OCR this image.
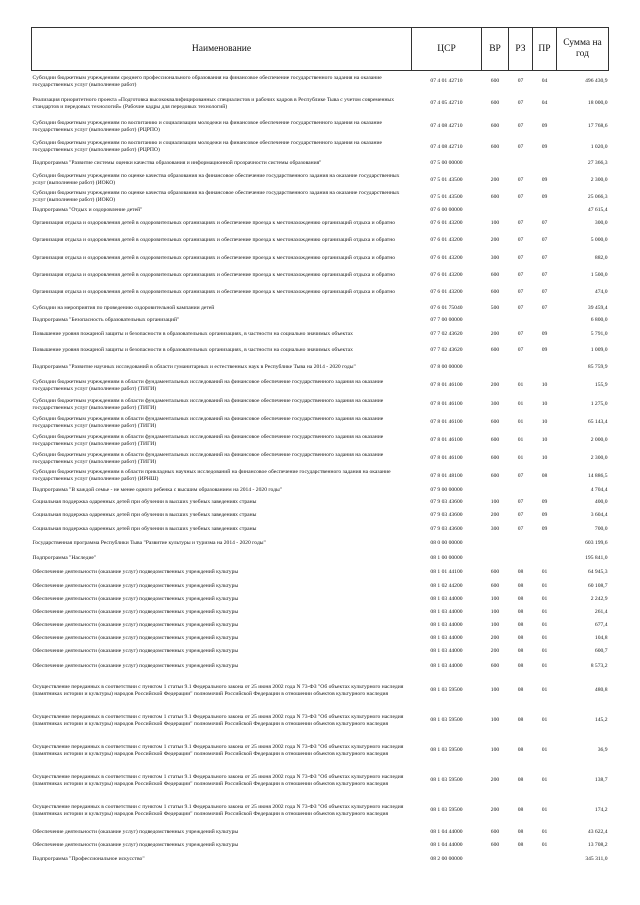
Наименование	ЦСР	ВР	РЗ	ПР	Сумма на год
Субсидии бюджетным учреждениям среднего профессионального образования на финансовое обеспечение государственного задания на оказание государственных услуг (выполнение работ)	07 4 01 42710	600	07	04	496 430,9
Реализация приоритетного проекта «Подготовка высококвалифицированных специалистов и рабочих кадров в Республике Тыва с учетом современных стандартов и передовых технологий» (Рабочие кадры для передовых технологий)	07 4 05 42710	600	07	04	18 000,0
Субсидии бюджетным учреждениям по воспитанию и социализации молодежи на финансовое обеспечение государственного задания на оказание государственных услуг (выполнение работ) (РЦРПО)	07 4 08 42710	600	07	09	17 768,6
Субсидии бюджетным учреждениям по воспитанию и социализации молодежи на финансовое обеспечение государственного задания на оказание государственных услуг (выполнение работ) (РЦРПО)	07 4 08 42710	600	07	09	1 020,0
Подпрограмма "Развитие системы оценки качества образования и информационной прозрачности системы образования"	07 5 00 00000				27 366,3
Субсидии бюджетным учреждениям по оценке качества образования на финансовое обеспечение государственного задания на оказание государственных услуг (выполнение работ) (ИОКО)	07 5 01 43500	200	07	09	2 300,0
Субсидии бюджетным учреждениям по оценке качества образования на финансовое обеспечение государственного задания на оказание государственных услуг (выполнение работ) (ИОКО)	07 5 01 43500	600	07	09	25 066,3
Подпрограмма "Отдых и оздоровление детей"	07 6 00 00000				47 615,4
Организация отдыха и оздоровления детей в оздоровительных организациях и обеспечение проезда к местонахождению организаций отдыха и обратно	07 6 01 43200	100	07	07	300,0
Организация отдыха и оздоровления детей в оздоровительных организациях и обеспечение проезда к местонахождению организаций отдыха и обратно	07 6 01 43200	200	07	07	5 000,0
Организация отдыха и оздоровления детей в оздоровительных организациях и обеспечение проезда к местонахождению организаций отдыха и обратно	07 6 01 43200	300	07	07	882,0
Организация отдыха и оздоровления детей в оздоровительных организациях и обеспечение проезда к местонахождению организаций отдыха и обратно	07 6 01 43200	600	07	07	1 500,0
Организация отдыха и оздоровления детей в оздоровительных организациях и обеспечение проезда к местонахождению организаций отдыха и обратно	07 6 01 43200	600	07	07	474,0
Субсидии на мероприятия по проведению оздоровительной кампании детей	07 6 01 75040	500	07	07	39 459,4
Подпрограмма "Безопасность образовательных организаций"	07 7 00 00000				6 800,0
Повышение уровня пожарной защиты и безопасности в образовательных организациях, в частности на социально значимых объектах	07 7 02 43620	200	07	09	5 791,0
Повышение уровня пожарной защиты и безопасности в образовательных организациях, в частности на социально значимых объектах	07 7 02 43620	600	07	09	1 009,0
Подпрограмма "Развитие научных исследований в области гуманитарных и естественных наук в Республике Тыва на 2014 - 2020 годы"	07 8 00 00000				85 759,9
Субсидии бюджетным учреждениям в области фундаментальных исследований на финансовое обеспечение государственного задания на оказание государственных услуг (выполнение работ) (ТИГИ)	07 8 01 46100	200	01	10	155,9
Субсидии бюджетным учреждениям в области фундаментальных исследований на финансовое обеспечение государственного задания на оказание государственных услуг (выполнение работ) (ТИГИ)	07 8 01 46100	300	01	10	1 275,0
Субсидии бюджетным учреждениям в области фундаментальных исследований на финансовое обеспечение государственного задания на оказание государственных услуг (выполнение работ) (ТИГИ)	07 8 01 46100	600	01	10	65 143,4
Субсидии бюджетным учреждениям в области фундаментальных исследований на финансовое обеспечение государственного задания на оказание государственных услуг (выполнение работ) (ТИГИ)	07 8 01 46100	600	01	10	2 000,0
Субсидии бюджетным учреждениям в области фундаментальных исследований на финансовое обеспечение государственного задания на оказание государственных услуг (выполнение работ) (ТИГИ)	07 8 01 46100	600	01	10	2 300,0
Субсидии бюджетным учреждениям в области прикладных научных исследований на финансовое обеспечение государственного задания на оказание государственных услуг (выполнение работ) (ИРНШ)	07 8 01 48100	600	07	08	14 886,5
Подпрограмма "В каждой семье - не менее одного ребенка с высшим образованием на 2014 - 2020 годы"	07 9 00 00000				4 704,4
Социальная поддержка одаренных детей при обучении в высших учебных заведениях страны	07 9 03 43600	100	07	09	400,0
Социальная поддержка одаренных детей при обучении в высших учебных заведениях страны	07 9 03 43600	200	07	09	3 604,4
Социальная поддержка одаренных детей при обучении в высших учебных заведениях страны	07 9 03 43600	300	07	09	700,0
Государственная программа Республики Тыва "Развитие культуры и туризма на 2014 - 2020 годы"	08 0 00 00000				603 199,6
Подпрограмма "Наследие"	08 1 00 00000				195 841,0
Обеспечение деятельности (оказание услуг) подведомственных учреждений культуры	08 1 01 44100	600	08	01	64 945,3
Обеспечение деятельности (оказание услуг) подведомственных учреждений культуры	08 1 02 44200	600	08	01	60 108,7
Обеспечение деятельности (оказание услуг) подведомственных учреждений культуры	08 1 03 44000	100	08	01	2 242,9
Обеспечение деятельности (оказание услуг) подведомственных учреждений культуры	08 1 03 44000	100	08	01	261,4
Обеспечение деятельности (оказание услуг) подведомственных учреждений культуры	08 1 03 44000	100	08	01	677,4
Обеспечение деятельности (оказание услуг) подведомственных учреждений культуры	08 1 03 44000	200	08	01	104,8
Обеспечение деятельности (оказание услуг) подведомственных учреждений культуры	08 1 03 44000	200	08	01	600,7
Обеспечение деятельности (оказание услуг) подведомственных учреждений культуры	08 1 03 44000	600	08	01	8 573,2
Осуществление переданных в соответствии с пунктом 1 статьи 9.1 Федерального закона от 25 июня 2002 года N 73-ФЗ "Об объектах культурного наследия (памятниках истории и культуры) народов Российской Федерации" полномочий Российской Федерации в отношении объектов культурного наследия	08 1 03 59500	100	08	01	480,8
Осуществление переданных в соответствии с пунктом 1 статьи 9.1 Федерального закона от 25 июня 2002 года N 73-ФЗ "Об объектах культурного наследия (памятниках истории и культуры) народов Российской Федерации" полномочий Российской Федерации в отношении объектов культурного наследия	08 1 03 59500	100	08	01	145,2
Осуществление переданных в соответствии с пунктом 1 статьи 9.1 Федерального закона от 25 июня 2002 года N 73-ФЗ "Об объектах культурного наследия (памятниках истории и культуры) народов Российской Федерации" полномочий Российской Федерации в отношении объектов культурного наследия	08 1 03 59500	100	08	01	36,9
Осуществление переданных в соответствии с пунктом 1 статьи 9.1 Федерального закона от 25 июня 2002 года N 73-ФЗ "Об объектах культурного наследия (памятниках истории и культуры) народов Российской Федерации" полномочий Российской Федерации в отношении объектов культурного наследия	08 1 03 59500	200	08	01	138,7
Осуществление переданных в соответствии с пунктом 1 статьи 9.1 Федерального закона от 25 июня 2002 года N 73-ФЗ "Об объектах культурного наследия (памятниках истории и культуры) народов Российской Федерации" полномочий Российской Федерации в отношении объектов культурного наследия	08 1 03 59500	200	08	01	174,2
Обеспечение деятельности (оказание услуг) подведомственных учреждений культуры	08 1 04 44000	600	08	01	43 622,4
Обеспечение деятельности (оказание услуг) подведомственных учреждений культуры	08 1 04 44000	600	08	01	13 708,2
Подпрограмма "Профессиональное искусство"	08 2 00 00000				345 311,0
